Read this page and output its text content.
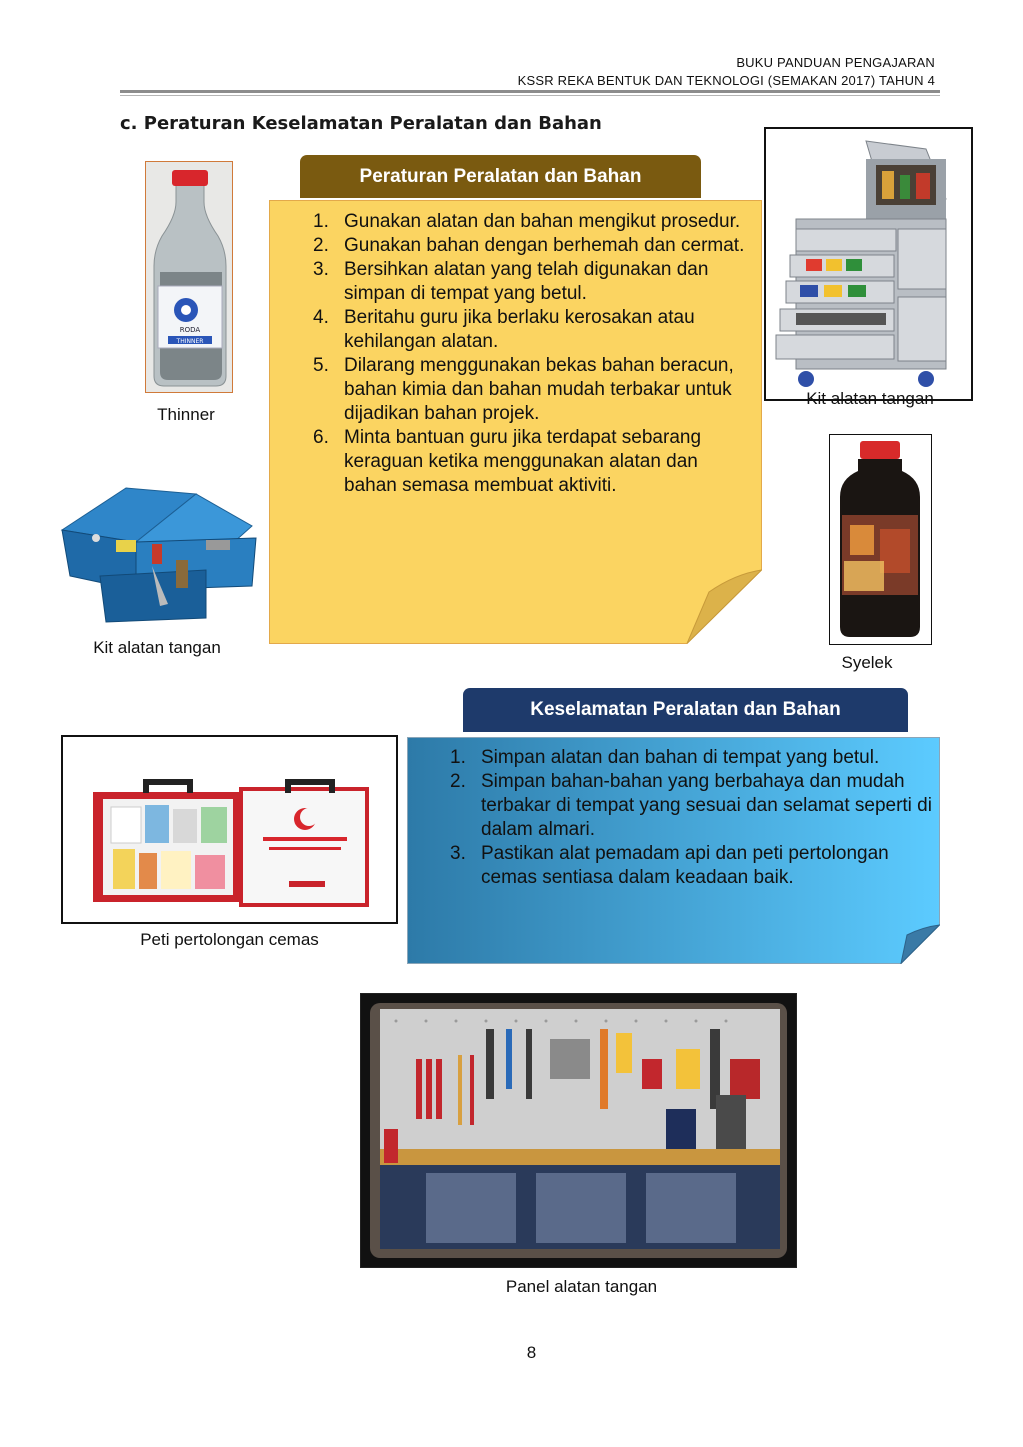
BUKU PANDUAN PENGAJARAN
KSSR REKA BENTUK DAN TEKNOLOGI (SEMAKAN 2017) TAHUN 4
c. Peraturan Keselamatan Peralatan dan Bahan
RODA
THINNER
Thinner
Peraturan Peralatan dan Bahan
1. Gunakan alatan dan bahan mengikut prosedur.
2. Gunakan bahan dengan berhemah dan cermat.
3. Bersihkan alatan yang telah digunakan dan simpan di tempat yang betul.
4. Beritahu guru jika berlaku kerosakan atau kehilangan alatan.
5. Dilarang menggunakan bekas bahan beracun, bahan kimia dan bahan mudah terbakar untuk dijadikan bahan projek.
6. Minta bantuan guru jika terdapat sebarang keraguan ketika menggunakan alatan dan bahan semasa membuat aktiviti.
Kit alatan tangan
Syelek
Kit alatan tangan
Keselamatan Peralatan dan Bahan
1. Simpan alatan dan bahan di tempat yang betul.
2. Simpan bahan-bahan yang berbahaya dan mudah terbakar di tempat yang sesuai dan selamat seperti di dalam almari.
3. Pastikan alat pemadam api dan peti pertolongan cemas sentiasa dalam keadaan baik.
Peti pertolongan cemas
Panel alatan tangan
8
